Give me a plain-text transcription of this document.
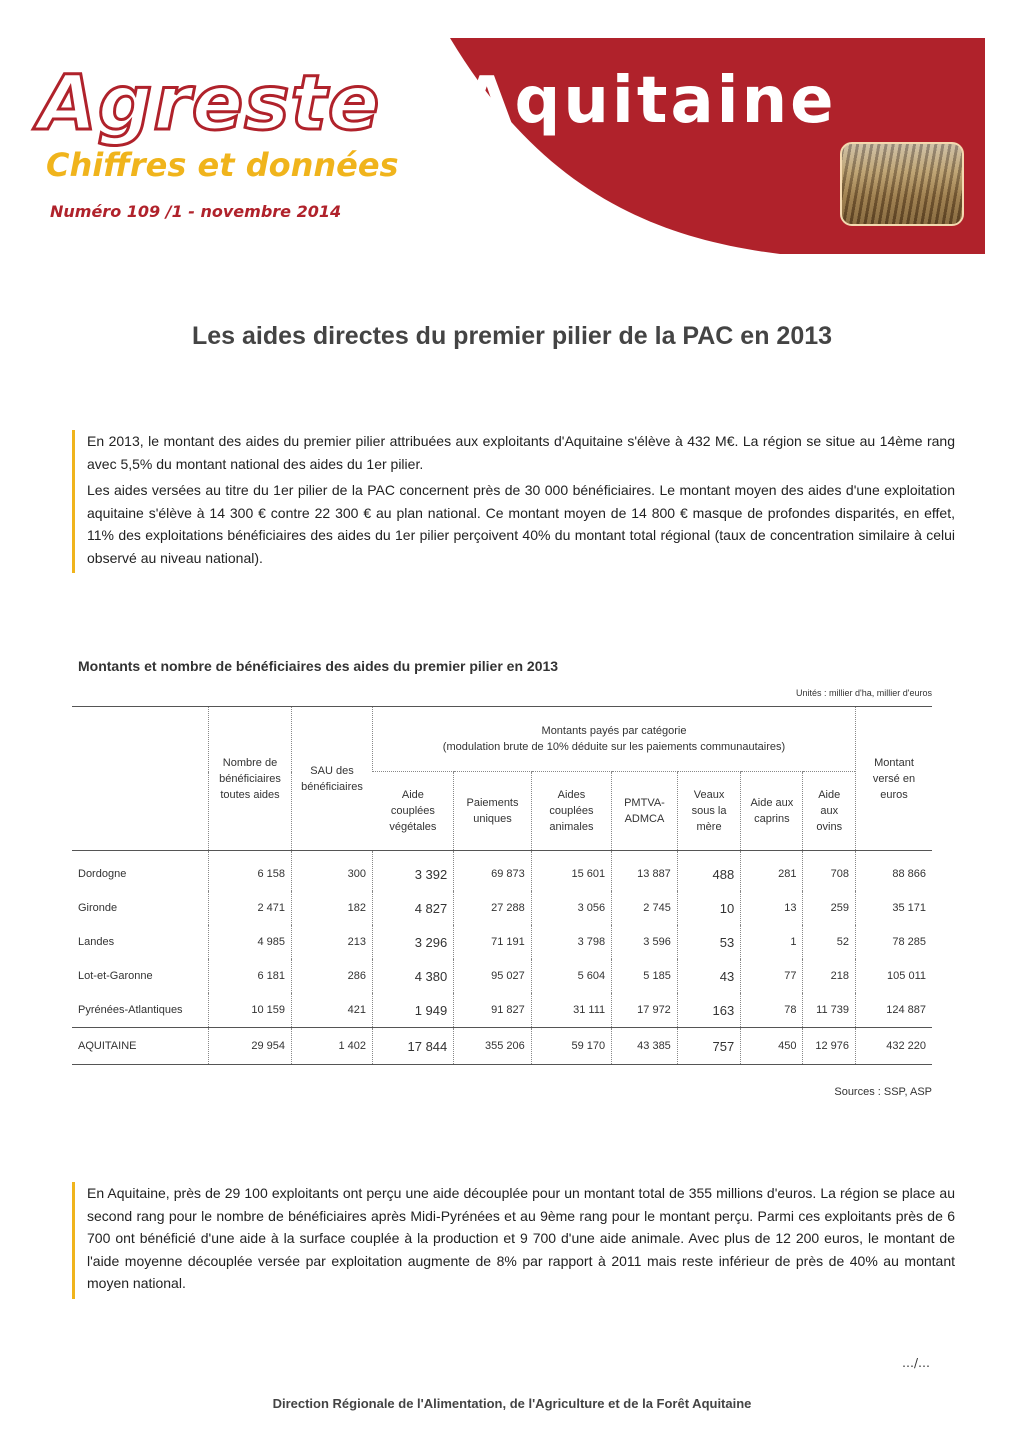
Agreste Aquitaine
Chiffres et données
Numéro 109 /1 - novembre 2014
Les aides directes du premier pilier de la PAC en 2013

En 2013, le montant des aides du premier pilier attribuées aux exploitants d'Aquitaine s'élève à 432 M€. La région se situe au 14ème rang avec 5,5% du montant national des aides du 1er pilier.

Les aides versées au titre du 1er pilier de la PAC concernent près de 30 000 bénéficiaires. Le montant moyen des aides d'une exploitation aquitaine s'élève à 14 300 € contre 22 300 € au plan national. Ce montant moyen de 14 800 € masque de profondes disparités, en effet, 11% des exploitations bénéficiaires des aides du 1er pilier perçoivent 40% du montant total régional (taux de concentration similaire à celui observé au niveau national).

Montants et nombre de bénéficiaires des aides du premier pilier en 2013
Unités : millier d'ha, millier d'euros
	Nombre de bénéficiaires toutes aides	SAU des bénéficiaires	Montants payés par catégorie
(modulation brute de 10% déduite sur les paiements communautaires)							Montant versé en euros
			Aide couplées végétales	Paiements uniques	Aides couplées animales	PMTVA-ADMCA	Veaux sous la mère	Aide aux caprins	Aide aux ovins	
Dordogne	6 158	300	3 392	69 873	15 601	13 887	488	281	708	88 866
Gironde	2 471	182	4 827	27 288	3 056	2 745	10	13	259	35 171
Landes	4 985	213	3 296	71 191	3 798	3 596	53	1	52	78 285
Lot-et-Garonne	6 181	286	4 380	95 027	5 604	5 185	43	77	218	105 011
Pyrénées-Atlantiques	10 159	421	1 949	91 827	31 111	17 972	163	78	11 739	124 887
AQUITAINE	29 954	1 402	17 844	355 206	59 170	43 385	757	450	12 976	432 220
Sources : SSP, ASP

En Aquitaine, près de 29 100 exploitants ont perçu une aide découplée pour un montant total de 355 millions d'euros. La région se place au second rang pour le nombre de bénéficiaires après Midi-Pyrénées et au 9ème rang pour le montant perçu. Parmi ces exploitants près de 6 700 ont bénéficié d'une aide à la surface couplée à la production et 9 700 d'une aide animale. Avec plus de 12 200 euros, le montant de l'aide moyenne découplée versée par exploitation augmente de 8% par rapport à 2011 mais reste inférieur de près de 40% au montant moyen national.

…/…
Direction Régionale de l'Alimentation, de l'Agriculture et de la Forêt Aquitaine
